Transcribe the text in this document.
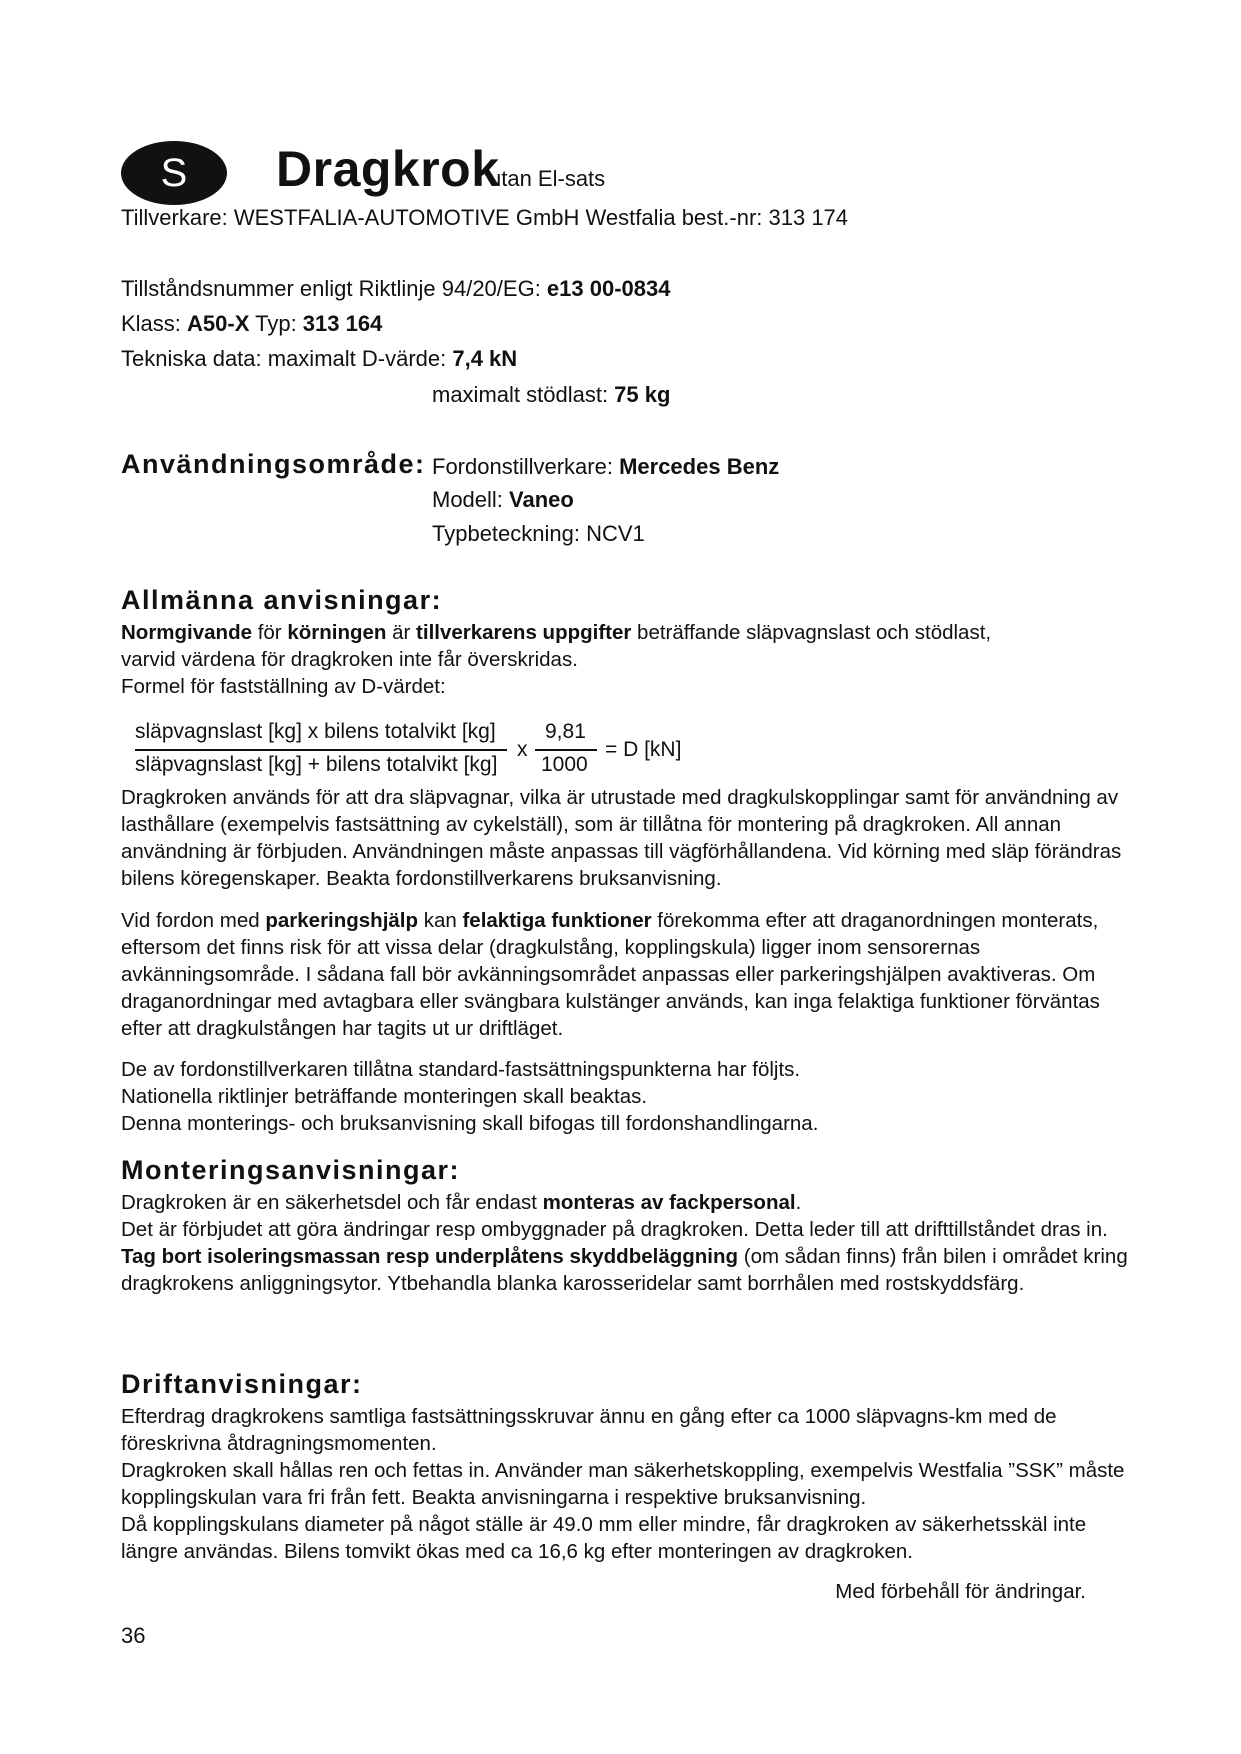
S	Dragkrok
utan El-sats
Tillverkare: WESTFALIA-AUTOMOTIVE GmbH Westfalia best.-nr: 313 174
Tillståndsnummer enligt Riktlinje 94/20/EG: e13 00-0834
Klass: A50-X Typ: 313 164
Tekniska data: maximalt D-värde: 7,4 kN
maximalt stödlast: 75 kg
Användningsområde: Fordonstillverkare: Mercedes Benz
Modell: Vaneo
Typbeteckning: NCV1
Allmänna anvisningar:

Normgivande för körningen är tillverkarens uppgifter beträffande släpvagnslast och stödlast,

varvid värdena för dragkroken inte får överskridas.

Formel för fastställning av D-värdet:

släpvagnslast [kg] x bilens totalvikt [kg]
släpvagnslast [kg] + bilens totalvikt [kg]
x
9,81
1000
= D [kN]
Dragkroken används för att dra släpvagnar, vilka är utrustade med dragkulskopplingar samt för användning av lasthållare (exempelvis fastsättning av cykelställ), som är tillåtna för montering på dragkroken. All annan användning är förbjuden. Användningen måste anpassas till vägförhållandena. Vid körning med släp förändras bilens köregenskaper. Beakta fordonstillverkarens bruksanvisning.
Vid fordon med parkeringshjälp kan felaktiga funktioner förekomma efter att draganordningen monterats, eftersom det finns risk för att vissa delar (dragkulstång, kopplingskula) ligger inom sensorernas avkänningsområde. I sådana fall bör avkänningsområdet anpassas eller parkeringshjälpen avaktiveras. Om draganordningar med avtagbara eller svängbara kulstänger används, kan inga felaktiga funktioner förväntas efter att dragkulstången har tagits ut ur driftläget.

De av fordonstillverkaren tillåtna standard-fastsättningspunkterna har följts.

Nationella riktlinjer beträffande monteringen skall beaktas.

Denna monterings- och bruksanvisning skall bifogas till fordonshandlingarna.

Monteringsanvisningar:

Dragkroken är en säkerhetsdel och får endast monteras av fackpersonal.

Det är förbjudet att göra ändringar resp ombyggnader på dragkroken. Detta leder till att drifttillståndet dras in.

Tag bort isoleringsmassan resp underplåtens skyddbeläggning (om sådan finns) från bilen i området kring dragkrokens anliggningsytor. Ytbehandla blanka karosseridelar samt borrhålen med rostskyddsfärg.

Driftanvisningar:

Efterdrag dragkrokens samtliga fastsättningsskruvar ännu en gång efter ca 1000 släpvagns-km med de föreskrivna åtdragningsmomenten.

Dragkroken skall hållas ren och fettas in. Använder man säkerhetskoppling, exempelvis Westfalia ”SSK” måste kopplingskulan vara fri från fett. Beakta anvisningarna i respektive bruksanvisning.

Då kopplingskulans diameter på något ställe är 49.0 mm eller mindre, får dragkroken av säkerhetsskäl inte längre användas. Bilens tomvikt ökas med ca 16,6 kg efter monteringen av dragkroken.

Med förbehåll för ändringar.
36
